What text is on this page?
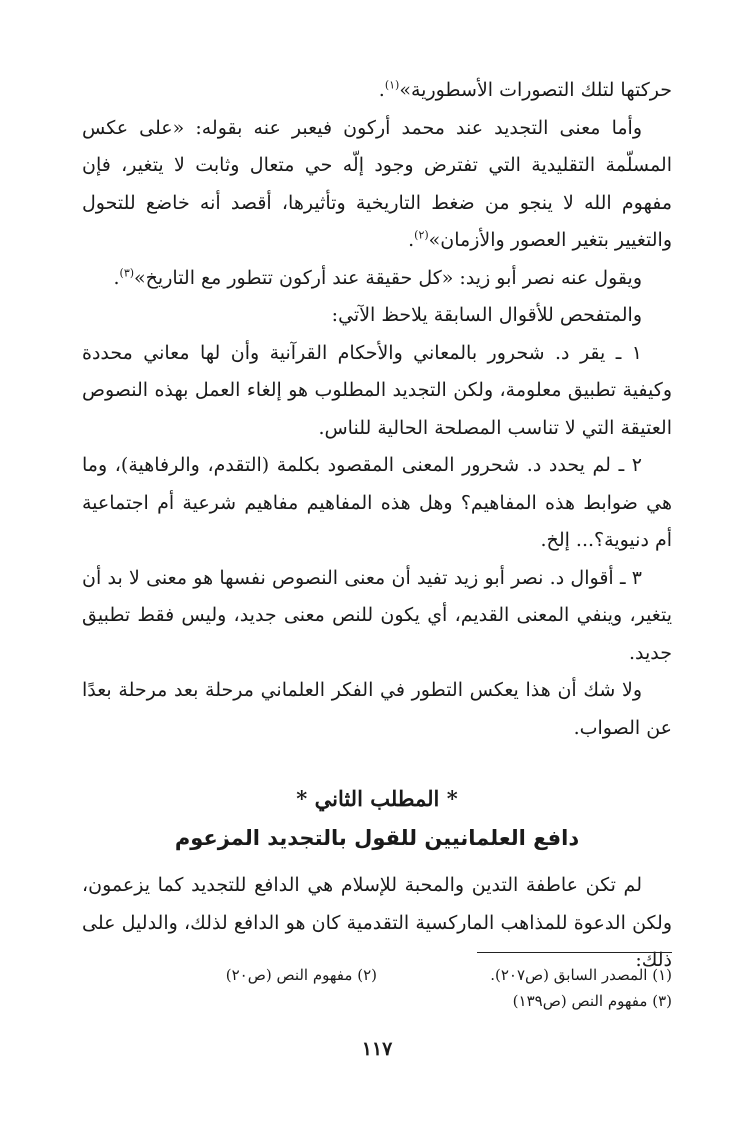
حركتها لتلك التصورات الأسطورية»$^{(١)}$.

وأما معنى التجديد عند محمد أركون فيعبر عنه بقوله: «على عكس المسلّمة التقليدية التي تفترض وجود إلّه حي متعال وثابت لا يتغير، فإن مفهوم الله لا ينجو من ضغط التاريخية وتأثيرها، أقصد أنه خاضع للتحول والتغيير بتغير العصور والأزمان»$^{(٢)}$.

ويقول عنه نصر أبو زيد: «كل حقيقة عند أركون تتطور مع التاريخ»$^{(٣)}$.

والمتفحص للأقوال السابقة يلاحظ الآتي:

١ ـ يقر د. شحرور بالمعاني والأحكام القرآنية وأن لها معاني محددة وكيفية تطبيق معلومة، ولكن التجديد المطلوب هو إلغاء العمل بهذه النصوص العتيقة التي لا تناسب المصلحة الحالية للناس.

٢ ـ لم يحدد د. شحرور المعنى المقصود بكلمة (التقدم، والرفاهية)، وما هي ضوابط هذه المفاهيم؟ وهل هذه المفاهيم مفاهيم شرعية أم اجتماعية أم دنيوية؟... إلخ.

٣ ـ أقوال د. نصر أبو زيد تفيد أن معنى النصوص نفسها هو معنى لا بد أن يتغير، وينفي المعنى القديم، أي يكون للنص معنى جديد، وليس فقط تطبيق جديد.

ولا شك أن هذا يعكس التطور في الفكر العلماني مرحلة بعد مرحلة بعدًا عن الصواب.

* المطلب الثاني *
دافع العلمانيين للقول بالتجديد المزعوم

لم تكن عاطفة التدين والمحبة للإسلام هي الدافع للتجديد كما يزعمون، ولكن الدعوة للمذاهب الماركسية التقدمية كان هو الدافع لذلك، والدليل على ذلك:

(١) المصدر السابق (ص٢٠٧).
(٢) مفهوم النص (ص٢٠)
(٣) مفهوم النص (ص١٣٩)
١١٧
